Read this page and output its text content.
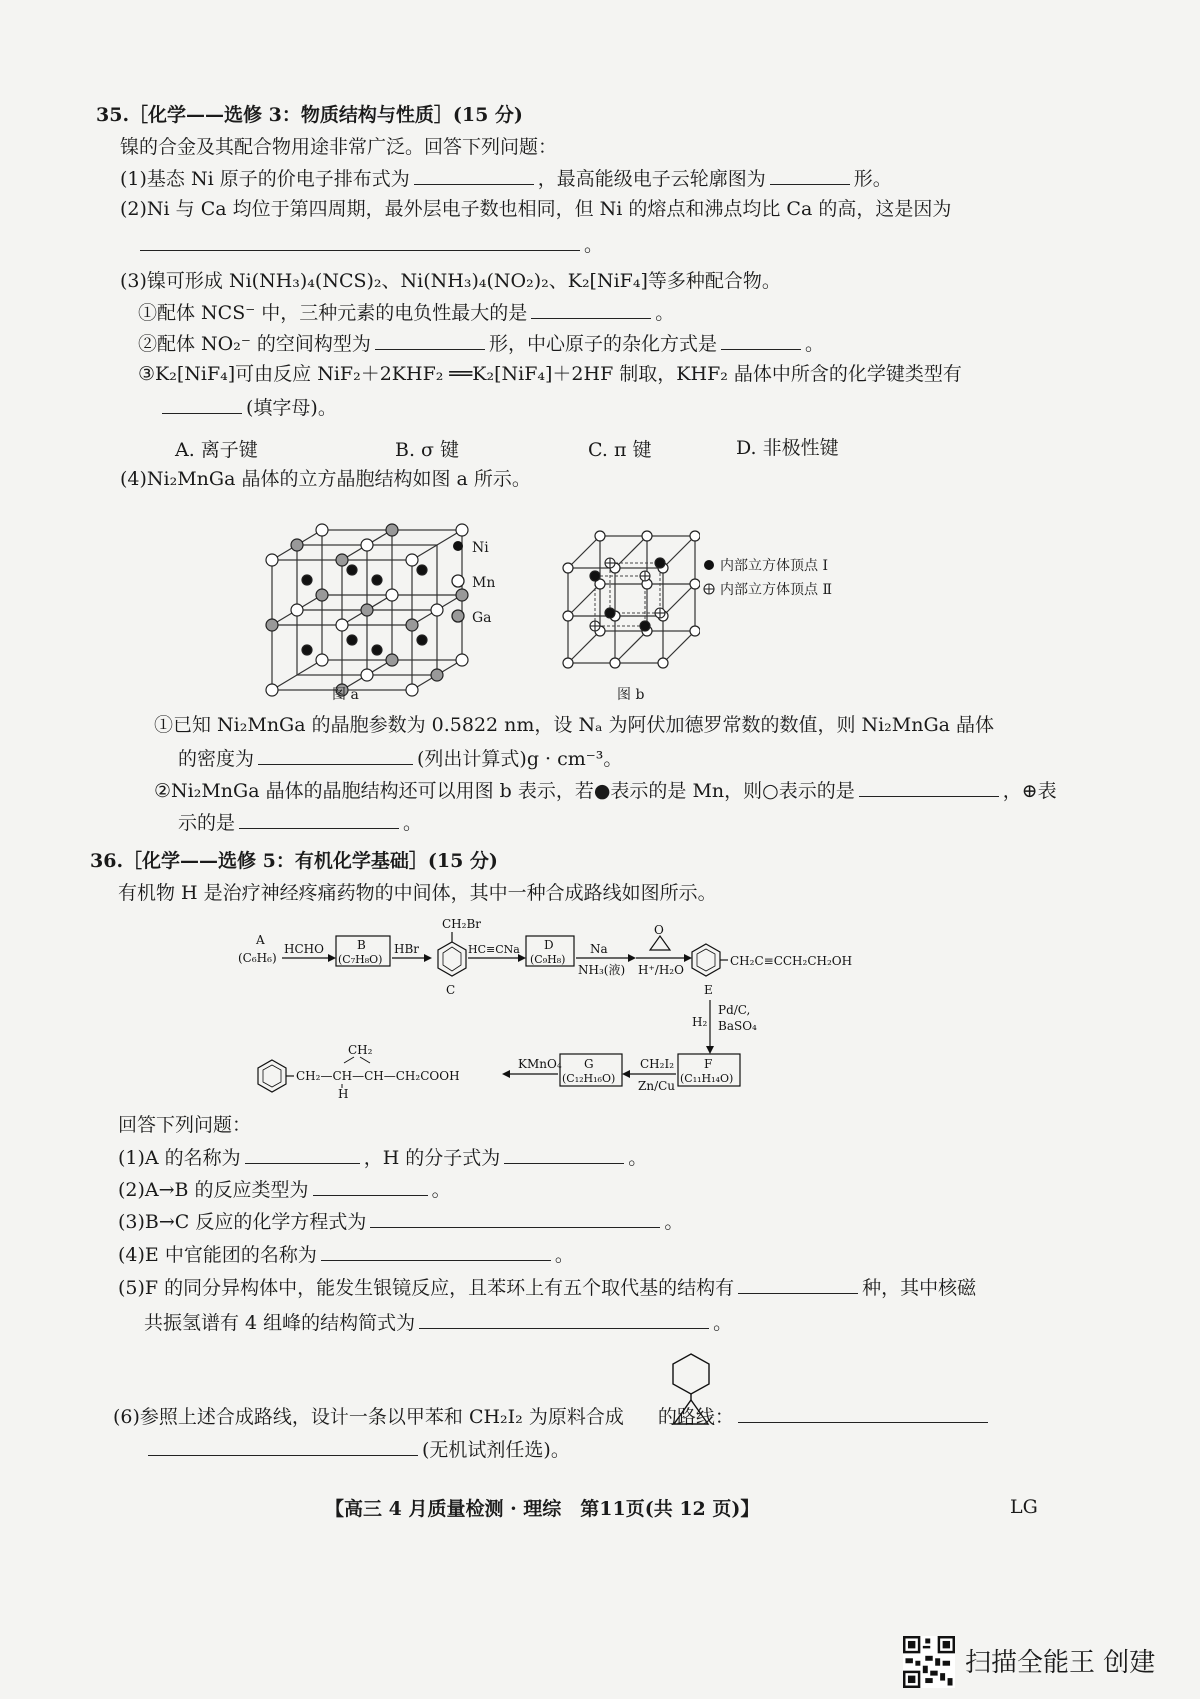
35.［化学——选修 3：物质结构与性质］(15 分)
镍的合金及其配合物用途非常广泛。回答下列问题：
(1)基态 Ni 原子的价电子排布式为	，最高能级电子云轮廓图为	形。
(2)Ni 与 Ca 均位于第四周期，最外层电子数也相同，但 Ni 的熔点和沸点均比 Ca 的高，这是因为
。
(3)镍可形成 Ni(NH₃)₄(NCS)₂、Ni(NH₃)₄(NO₂)₂、K₂[NiF₄]等多种配合物。
①配体 NCS⁻ 中，三种元素的电负性最大的是	。
②配体 NO₂⁻ 的空间构型为	形，中心原子的杂化方式是	。
③K₂[NiF₄]可由反应 NiF₂＋2KHF₂ ══K₂[NiF₄]＋2HF 制取，KHF₂ 晶体中所含的化学键类型有
(填字母)。
A. 离子键	B. σ 键	C. π 键	D. 非极性键
(4)Ni₂MnGa 晶体的立方晶胞结构如图 a 所示。
Ni
Mn
Ga
图 a
内部立方体顶点 Ⅰ
内部立方体顶点 Ⅱ
图 b
①已知 Ni₂MnGa 的晶胞参数为 0.5822 nm，设 Nₐ 为阿伏加德罗常数的数值，则 Ni₂MnGa 晶体
的密度为	(列出计算式)g · cm⁻³。
②Ni₂MnGa 晶体的晶胞结构还可以用图 b 表示，若●表示的是 Mn，则○表示的是	，⊕表
示的是	。
36.［化学——选修 5：有机化学基础］(15 分)
有机物 H 是治疗神经疼痛药物的中间体，其中一种合成路线如图所示。
A
(C₆H₆)
HCHO	B
(C₇H₈O)
HBr
CH₂Br
C
HC≡CNa D
(C₉H₈)
Na
NH₃(液)
O
H⁺/H₂O
CH₂C≡CCH₂CH₂OH
E
Pd/C,
BaSO₄
H₂
F
(C₁₁H₁₄O)
CH₂I₂
Zn/Cu
G
(C₁₂H₁₆O)
KMnO₄
CH₂—CH—CH—CH₂COOH
CH₂
H
回答下列问题：
(1)A 的名称为	，H 的分子式为	。
(2)A→B 的反应类型为	。
(3)B→C 反应的化学方程式为	。
(4)E 中官能团的名称为	。
(5)F 的同分异构体中，能发生银镜反应，且苯环上有五个取代基的结构有	种，其中核磁
共振氢谱有 4 组峰的结构简式为	。
(6)参照上述合成路线，设计一条以甲苯和 CH₂I₂ 为原料合成 的路线：
(无机试剂任选)。
【高三 4 月质量检测 · 理综　第11页(共 12 页)】	LG
扫描全能王 创建
